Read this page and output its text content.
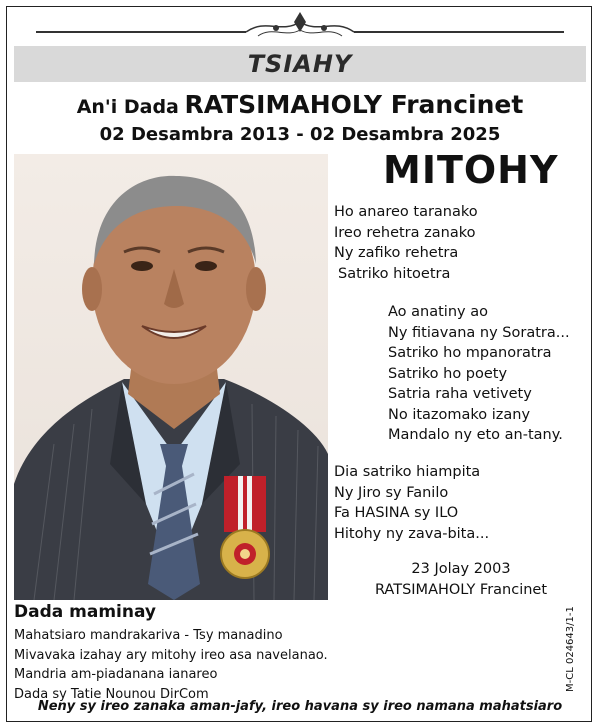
TSIAHY
An'i Dada RATSIMAHOLY Francinet
02 Desambra 2013 - 02 Desambra 2025
MITOHY
Ho anareo taranako
Ireo rehetra zanako
Ny zafiko rehetra
Satriko hitoetra
Ao anatiny ao
Ny fitiavana ny Soratra...
Satriko ho mpanoratra
Satriko ho poety
Satria raha vetivety
No itazomako izany
Mandalo ny eto an-tany.
Dia satriko hiampita
Ny Jiro sy Fanilo
Fa HASINA sy ILO
Hitohy ny zava-bita...
23 Jolay 2003
RATSIMAHOLY Francinet
Dada maminay
Mahatsiaro mandrakariva - Tsy manadino
Mivavaka izahay ary mitohy ireo asa navelanao.
Mandria am-piadanana ianareo
Dada sy Tatie Nounou DirCom
M-CL 024643/1-1
Neny sy ireo zanaka aman-jafy, ireo havana sy ireo namana mahatsiaro
